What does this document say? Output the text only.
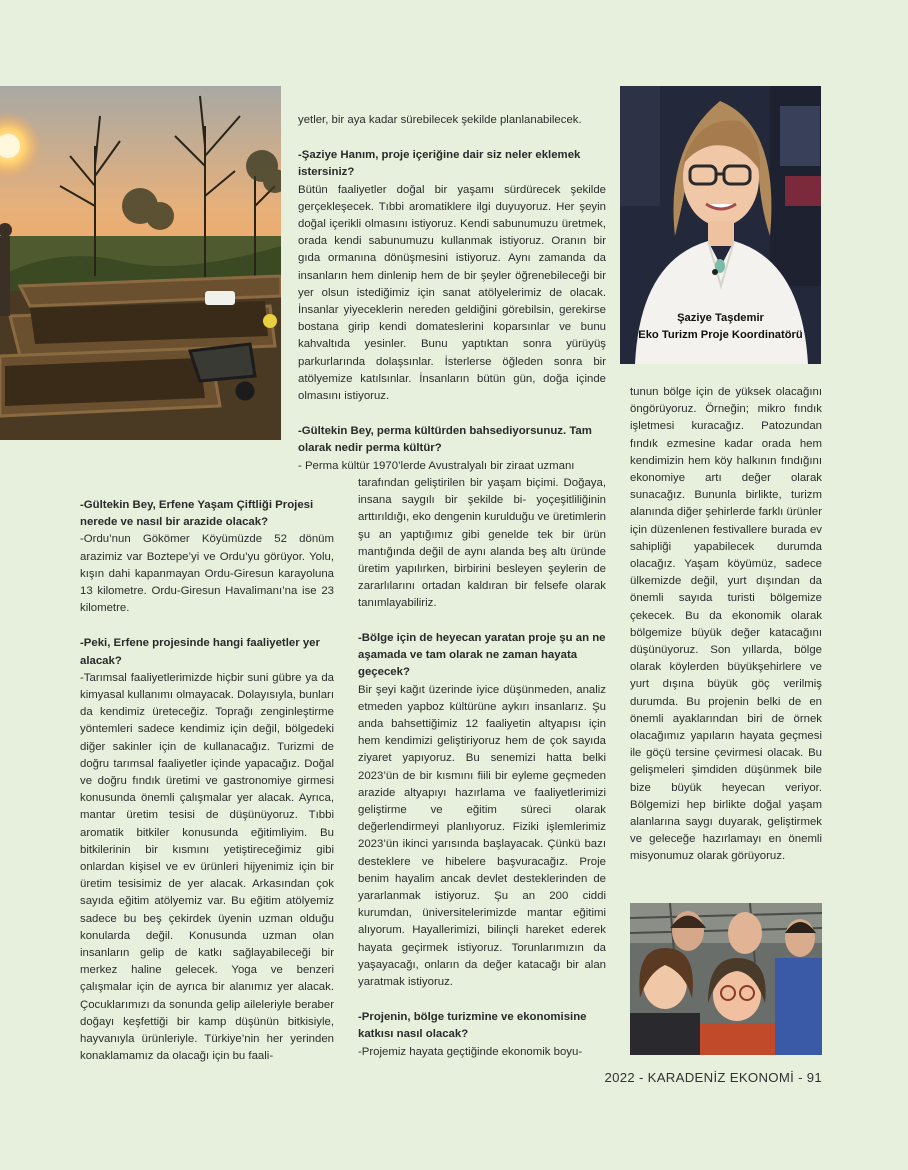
Şaziye Taşdemir
Eko Turizm Proje Koordinatörü

yetler, bir aya kadar sürebilecek şekilde planlanabilecek.

-Şaziye Hanım, proje içeriğine dair siz neler eklemek istersiniz?

Bütün faaliyetler doğal bir yaşamı sürdürecek şekilde gerçekleşecek. Tıbbi aromatiklere ilgi duyuyoruz. Her şeyin doğal içerikli olmasını istiyoruz. Kendi sabunumuzu üretmek, orada kendi sabunumuzu kullanmak istiyoruz. Oranın bir gıda ormanına dönüşmesini istiyoruz. Aynı zamanda da insanların hem dinlenip hem de bir şeyler öğrenebileceği bir yer olsun istediğimiz için sanat atölyelerimiz de olacak. İnsanlar yiyeceklerin nereden geldiğini görebilsin, gerekirse bostana girip kendi domateslerini koparsınlar ve bunu kahvaltıda yesinler. Bunu yaptıktan sonra yürüyüş parkurlarında dolaşsınlar. İsterlerse öğleden sonra bir atölyemize katılsınlar. İnsanların bütün gün, doğa içinde olmasını istiyoruz.

-Gültekin Bey, perma kültürden bahsediyorsunuz. Tam olarak nedir perma kültür?

- Perma kültür 1970’lerde Avustralyalı bir ziraat uzmanı

tarafından geliştirilen bir yaşam biçimi. Doğaya, insana saygılı bir şekilde bi- yoçeşitliliğinin arttırıldığı, eko dengenin kurulduğu ve üretimlerin şu an yaptığımız gibi genelde tek bir ürün mantığında değil de aynı alanda beş altı üründe üretim yapılırken, birbirini besleyen şeylerin de zararlılarını ortadan kaldıran bir felsefe olarak tanımlayabiliriz.

-Gültekin Bey, Erfene Yaşam Çiftliği Projesi nerede ve nasıl bir arazide olacak?

-Ordu’nun Gökömer Köyümüzde 52 dönüm arazimiz var Boztepe’yi ve Ordu’yu görüyor. Yolu, kışın dahi kapanmayan Ordu-Giresun karayoluna 13 kilometre. Ordu-Giresun Havalimanı’na ise 23 kilometre.

-Peki, Erfene projesinde hangi faaliyetler yer alacak?

-Tarımsal faaliyetlerimizde hiçbir suni gübre ya da kimyasal kullanımı olmayacak. Dolayısıyla, bunları da kendimiz üreteceğiz. Toprağı zenginleştirme yöntemleri sadece kendimiz için değil, bölgedeki diğer sakinler için de kullanacağız. Turizmi de doğru tarımsal faaliyetler içinde yapacağız. Doğal ve doğru fındık üretimi ve gastronomiye girmesi konusunda önemli çalışmalar yer alacak. Ayrıca, mantar üretim tesisi de düşünüyoruz. Tıbbi aromatik bitkiler konusunda eğitimliyim. Bu bitkilerinin bir kısmını yetiştireceğimiz gibi onlardan kişisel ve ev ürünleri hijyenimiz için bir üretim tesisimiz de yer alacak. Arkasından çok sayıda eğitim atölyemiz var. Bu eğitim atölyemiz sadece bu beş çekirdek üyenin uzman olduğu konularda değil. Konusunda uzman olan insanların gelip de katkı sağlayabileceği bir merkez haline gelecek. Yoga ve benzeri çalışmalar için de ayrıca bir alanımız yer alacak. Çocuklarımızı da sonunda gelip aileleriyle beraber doğayı keşfettiği bir kamp düşünün bitkisiyle, hayvanıyla ürünleriyle. Türkiye’nin her yerinden konaklamamız da olacağı için bu faali-

-Bölge için de heyecan yaratan proje şu an ne aşamada ve tam olarak ne zaman hayata geçecek?

Bir şeyi kağıt üzerinde iyice düşünmeden, analiz etmeden yapboz kültürüne aykırı insanlarız. Şu anda bahsettiğimiz 12 faaliyetin altyapısı için hem kendimizi geliştiriyoruz hem de çok sayıda ziyaret yapıyoruz. Bu senemizi hatta belki 2023’ün de bir kısmını fiili bir eyleme geçmeden arazide altyapıyı hazırlama ve faaliyetlerimizi geliştirme ve eğitim süreci olarak değerlendirmeyi planlıyoruz. Fiziki işlemlerimiz 2023’ün ikinci yarısında başlayacak. Çünkü bazı desteklere ve hibelere başvuracağız. Proje benim hayalim ancak devlet desteklerinden de yararlanmak istiyoruz. Şu an 200 ciddi kurumdan, üniversitelerimizde mantar eğitimi alıyorum. Hayallerimizi, bilinçli hareket ederek hayata geçirmek istiyoruz. Torunlarımızın da yaşayacağı, onların da değer katacağı bir alan yaratmak istiyoruz.

-Projenin, bölge turizmine ve ekonomisine katkısı nasıl olacak?

-Projemiz hayata geçtiğinde ekonomik boyu-

tunun bölge için de yüksek olacağını öngörüyoruz. Örneğin; mikro fındık işletmesi kuracağız. Patozundan fındık ezmesine kadar orada hem kendimizin hem köy halkının fındığını ekonomiye artı değer olarak sunacağız. Bununla birlikte, turizm alanında diğer şehirlerde farklı ürünler için düzenlenen festivallere burada ev sahipliği yapabilecek durumda olacağız. Yaşam köyümüz, sadece ülkemizde değil, yurt dışından da önemli sayıda turisti bölgemize çekecek. Bu da ekonomik olarak bölgemize büyük değer katacağını düşünüyoruz. Son yıllarda, bölge olarak köylerden büyükşehirlere ve yurt dışına büyük göç verilmiş durumda. Bu projenin belki de en önemli ayaklarından biri de örnek olacağımız yapıların hayata geçmesi ile göçü tersine çevirmesi olacak. Bu gelişmeleri şimdiden düşünmek bile bize büyük heyecan veriyor. Bölgemizi hep birlikte doğal yaşam alanlarına saygı duyarak, geliştirmek ve geleceğe hazırlamayı en önemli misyonumuz olarak görüyoruz.

2022 - KARADENİZ EKONOMİ - 91
